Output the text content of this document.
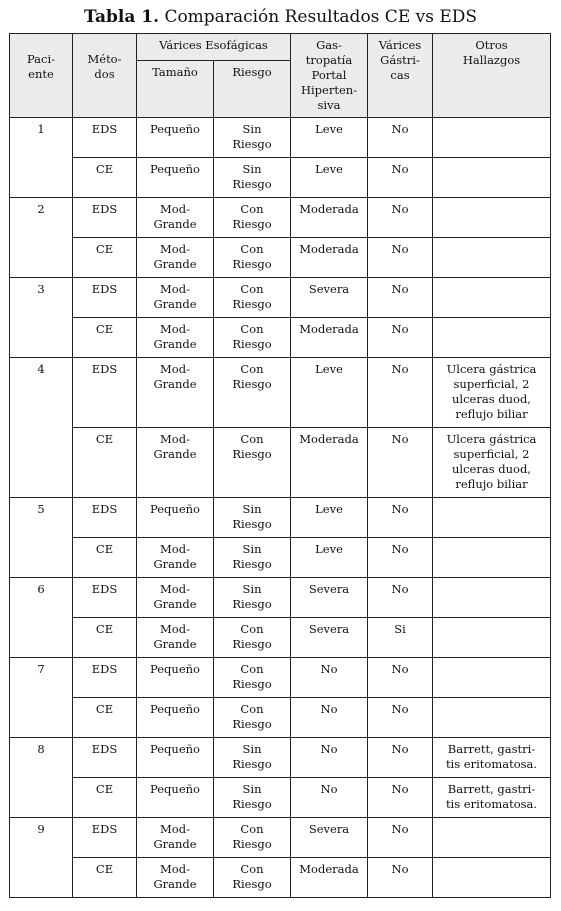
Tabla 1. Comparación Resultados CE vs EDS
Paci-
ente	Méto-
dos	Várices Esofágicas		Gas-
tropatía
Portal
Hiperten-
siva	Várices
Gástri-
cas	Otros
Hallazgos
		Tamaño	Riesgo			
1	EDS	Pequeño	Sin
Riesgo	Leve	No	
	CE	Pequeño	Sin
Riesgo	Leve	No	
2	EDS	Mod-
Grande	Con
Riesgo	Moderada	No	
	CE	Mod-
Grande	Con
Riesgo	Moderada	No	
3	EDS	Mod-
Grande	Con
Riesgo	Severa	No	
	CE	Mod-
Grande	Con
Riesgo	Moderada	No	
4	EDS	Mod-
Grande	Con
Riesgo	Leve	No	Ulcera gástrica
superficial, 2
ulceras duod,
reflujo biliar
	CE	Mod-
Grande	Con
Riesgo	Moderada	No	Ulcera gástrica
superficial, 2
ulceras duod,
reflujo biliar
5	EDS	Pequeño	Sin
Riesgo	Leve	No	
	CE	Mod-
Grande	Sin
Riesgo	Leve	No	
6	EDS	Mod-
Grande	Sin
Riesgo	Severa	No	
	CE	Mod-
Grande	Con
Riesgo	Severa	Si	
7	EDS	Pequeño	Con
Riesgo	No	No	
	CE	Pequeño	Con
Riesgo	No	No	
8	EDS	Pequeño	Sin
Riesgo	No	No	Barrett, gastri-
tis eritomatosa.
	CE	Pequeño	Sin
Riesgo	No	No	Barrett, gastri-
tis eritomatosa.
9	EDS	Mod-
Grande	Con
Riesgo	Severa	No	
	CE	Mod-
Grande	Con
Riesgo	Moderada	No	
